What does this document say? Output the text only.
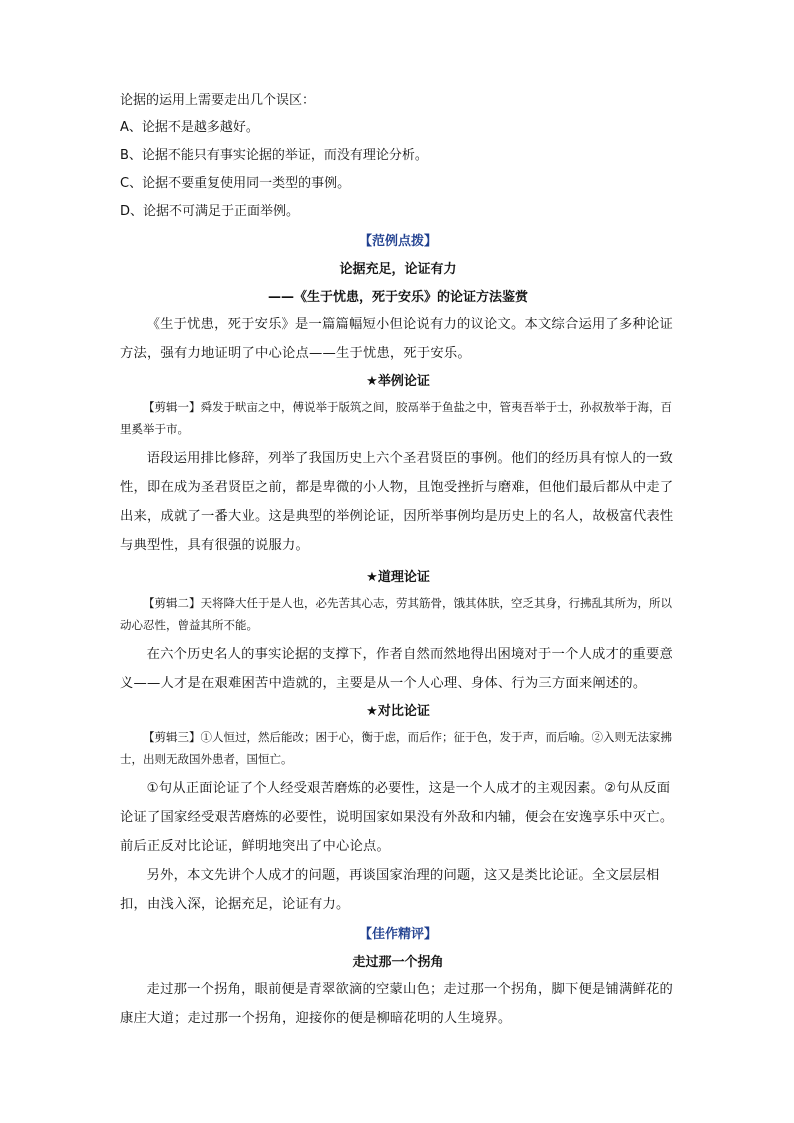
论据的运用上需要走出几个误区：

A、论据不是越多越好。

B、论据不能只有事实论据的举证，而没有理论分析。

C、论据不要重复使用同一类型的事例。

D、论据不可满足于正面举例。

【范例点拨】

论据充足，论证有力

——《生于忧患，死于安乐》的论证方法鉴赏

《生于忧患，死于安乐》是一篇篇幅短小但论说有力的议论文。本文综合运用了多种论证方法，强有力地证明了中心论点——生于忧患，死于安乐。

★举例论证

【剪辑一】舜发于畎亩之中，傅说举于版筑之间，胶鬲举于鱼盐之中，管夷吾举于士，孙叔敖举于海，百里奚举于市。

语段运用排比修辞，列举了我国历史上六个圣君贤臣的事例。他们的经历具有惊人的一致性，即在成为圣君贤臣之前，都是卑微的小人物，且饱受挫折与磨难，但他们最后都从中走了出来，成就了一番大业。这是典型的举例论证，因所举事例均是历史上的名人，故极富代表性与典型性，具有很强的说服力。

★道理论证

【剪辑二】天将降大任于是人也，必先苦其心志，劳其筋骨，饿其体肤，空乏其身，行拂乱其所为，所以动心忍性，曾益其所不能。

在六个历史名人的事实论据的支撑下，作者自然而然地得出困境对于一个人成才的重要意义——人才是在艰难困苦中造就的，主要是从一个人心理、身体、行为三方面来阐述的。

★对比论证

【剪辑三】①人恒过，然后能改；困于心，衡于虑，而后作；征于色，发于声，而后喻。②入则无法家拂士，出则无敌国外患者，国恒亡。

①句从正面论证了个人经受艰苦磨炼的必要性，这是一个人成才的主观因素。②句从反面论证了国家经受艰苦磨炼的必要性，说明国家如果没有外敌和内辅，便会在安逸享乐中灭亡。前后正反对比论证，鲜明地突出了中心论点。

另外，本文先讲个人成才的问题，再谈国家治理的问题，这又是类比论证。全文层层相扣，由浅入深，论据充足，论证有力。

【佳作精评】

走过那一个拐角

走过那一个拐角，眼前便是青翠欲滴的空蒙山色；走过那一个拐角，脚下便是铺满鲜花的康庄大道；走过那一个拐角，迎接你的便是柳暗花明的人生境界。
